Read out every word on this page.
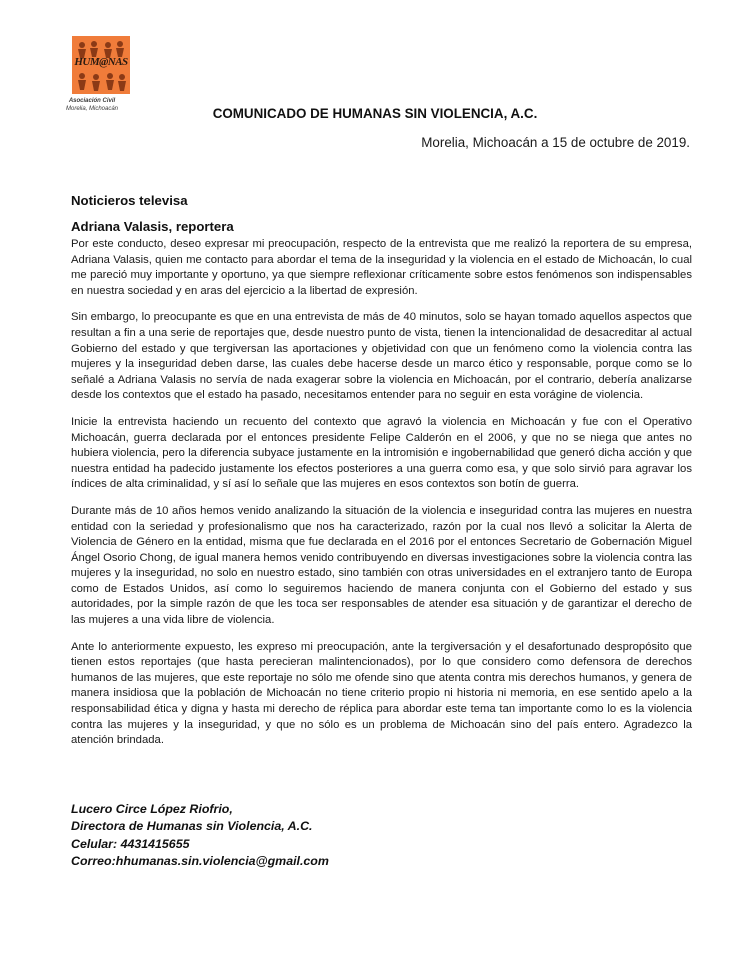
HUM@NAS
Asociación Civil
Morelia, Michoacán	COMUNICADO DE HUMANAS SIN VIOLENCIA, A.C.
Morelia, Michoacán a 15 de octubre de 2019.
Noticieros televisa
Adriana Valasis, reportera

Por este conducto, deseo expresar mi preocupación, respecto de la entrevista que me realizó la reportera de su empresa, Adriana Valasis, quien me contacto para abordar el tema de la inseguridad y la violencia en el estado de Michoacán, lo cual me pareció muy importante y oportuno, ya que siempre reflexionar críticamente sobre estos fenómenos son indispensables en nuestra sociedad y en aras del ejercicio a la libertad de expresión.

Sin embargo, lo preocupante es que en una entrevista de más de 40 minutos, solo se hayan tomado aquellos aspectos que resultan a fin a una serie de reportajes que, desde nuestro punto de vista, tienen la intencionalidad de desacreditar al actual Gobierno del estado y que tergiversan las aportaciones y objetividad con que un fenómeno como la violencia contra las mujeres y la inseguridad deben darse, las cuales debe hacerse desde un marco ético y responsable, porque como se lo señalé a Adriana Valasis no servía de nada exagerar sobre la violencia en Michoacán, por el contrario, debería analizarse desde los contextos que el estado ha pasado, necesitamos entender para no seguir en esta vorágine de violencia.

Inicie la entrevista haciendo un recuento del contexto que agravó la violencia en Michoacán y fue con el Operativo Michoacán, guerra declarada por el entonces presidente Felipe Calderón en el 2006, y que no se niega que antes no hubiera violencia, pero la diferencia subyace justamente en la intromisión e ingobernabilidad que generó dicha acción y que nuestra entidad ha padecido justamente los efectos posteriores a una guerra como esa, y que solo sirvió para agravar los índices de alta criminalidad, y sí así lo señale que las mujeres en esos contextos son botín de guerra.

Durante más de 10 años hemos venido analizando la situación de la violencia e inseguridad contra las mujeres en nuestra entidad con la seriedad y profesionalismo que nos ha caracterizado, razón por la cual nos llevó a solicitar la Alerta de Violencia de Género en la entidad, misma que fue declarada en el 2016 por el entonces Secretario de Gobernación Miguel Ángel Osorio Chong, de igual manera hemos venido contribuyendo en diversas investigaciones sobre la violencia contra las mujeres y la inseguridad, no solo en nuestro estado, sino también con otras universidades en el extranjero tanto de Europa como de Estados Unidos, así como lo seguiremos haciendo de manera conjunta con el Gobierno del estado y sus autoridades, por la simple razón de que les toca ser responsables de atender esa situación y de garantizar el derecho de las mujeres a una vida libre de violencia.

Ante lo anteriormente expuesto, les expreso mi preocupación, ante la tergiversación y el desafortunado despropósito que tienen estos reportajes (que hasta perecieran malintencionados), por lo que considero como defensora de derechos humanos de las mujeres, que este reportaje no sólo me ofende sino que atenta contra mis derechos humanos, y genera de manera insidiosa que la población de Michoacán no tiene criterio propio ni historia ni memoria, en ese sentido apelo a la responsabilidad ética y digna y hasta mi derecho de réplica para abordar este tema tan importante como lo es la violencia contra las mujeres y la inseguridad, y que no sólo es un problema de Michoacán sino del país entero. Agradezco la atención brindada.

Lucero Circe López Riofrio,
Directora de Humanas sin Violencia, A.C.
Celular: 4431415655
Correo:hhumanas.sin.violencia@gmail.com
